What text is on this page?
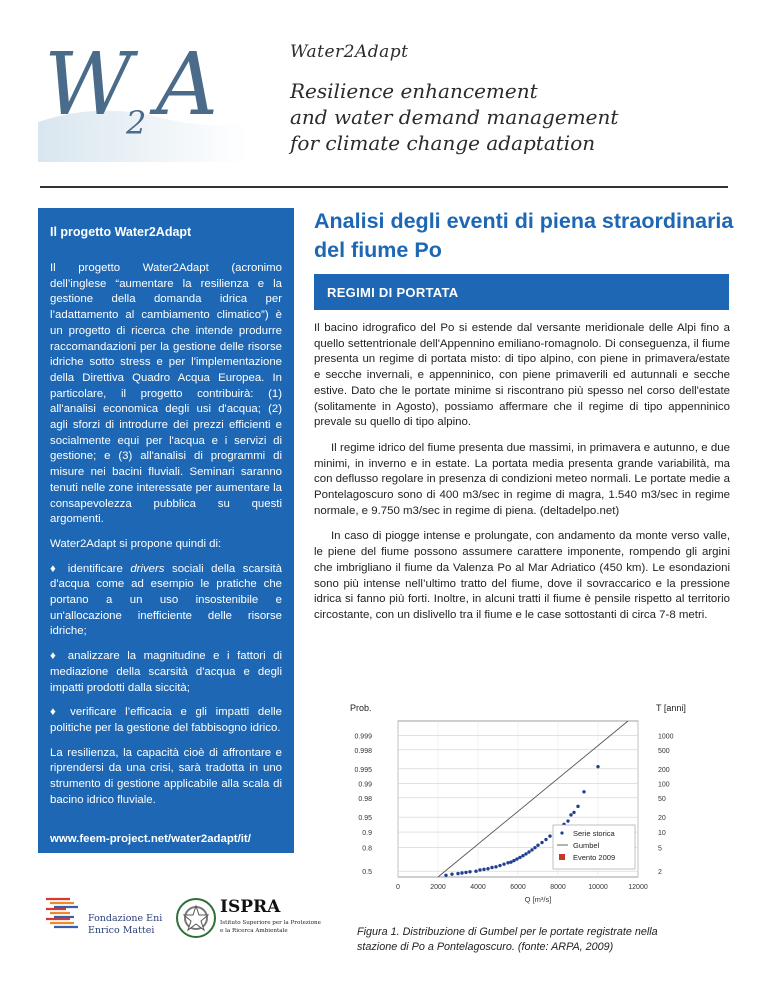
W
2 A	Water2Adapt
Resilience enhancement
and water demand management
for climate change adaptation
Il progetto Water2Adapt

Il progetto Water2Adapt (acronimo dell’inglese “aumentare la resilienza e la gestione della domanda idrica per l’adattamento al cambiamento climatico”) è un progetto di ricerca che intende produrre raccomandazioni per la gestione delle risorse idriche sotto stress e per l'implementazione della Direttiva Quadro Acqua Europea. In particolare, il progetto contribuirà: (1) all'analisi economica degli usi d'acqua; (2) agli sforzi di introdurre dei prezzi efficienti e socialmente equi per l'acqua e i servizi di gestione; e (3) all'analisi di programmi di misure nei bacini fluviali. Seminari saranno tenuti nelle zone interessate per aumentare la consapevolezza pubblica su questi argomenti.

Water2Adapt si propone quindi di:

♦ identificare drivers sociali della scarsità d'acqua come ad esempio le pratiche che portano a un uso insostenibile e un'allocazione inefficiente delle risorse idriche;

♦ analizzare la magnitudine e i fattori di mediazione della scarsità d'acqua e degli impatti prodotti dalla siccità;

♦ verificare l’efficacia e gli impatti delle politiche per la gestione del fabbisogno idrico.

La resilienza, la capacità cioè di affrontare e riprendersi da una crisi, sarà tradotta in uno strumento di gestione applicabile alla scala di bacino idrico fluviale.

www.feem-project.net/water2adapt/it/
Fondazione Eni
Enrico Mattei
ISPRA
Istituto Superiore per la Protezione
e la Ricerca Ambientale
Analisi degli eventi di piena straordinaria del fiume Po
REGIMI DI PORTATA

Il bacino idrografico del Po si estende dal versante meridionale delle Alpi fino a quello settentrionale dell'Appennino emiliano-romagnolo. Di conseguenza, il fiume presenta un regime di portata misto: di tipo alpino, con piene in primavera/estate e secche invernali, e appenninico, con piene primaverili ed autunnali e secche estive. Dato che le portate minime si riscontrano più spesso nel corso dell'estate (solitamente in Agosto), possiamo affermare che il regime di tipo appenninico prevale su quello di tipo alpino.

Il regime idrico del fiume presenta due massimi, in primavera e autunno, e due minimi, in inverno e in estate. La portata media presenta grande variabilità, ma con deflusso regolare in presenza di condizioni meteo normali. Le portate medie a Pontelagoscuro sono di 400 m3/sec in regime di magra, 1.540 m3/sec in regime normale, e 9.750 m3/sec in regime di piena. (deltadelpo.net)

In caso di piogge intense e prolungate, con andamento da monte verso valle, le piene del fiume possono assumere carattere imponente, rompendo gli argini che imbrigliano il fiume da Valenza Po al Mar Adriatico (450 km). Le esondazioni sono più intense nell’ultimo tratto del fiume, dove il sovraccarico e la pressione idrica si fanno più forti. Inoltre, in alcuni tratti il fiume è pensile rispetto al territorio circostante, con un dislivello tra il fiume e le case sottostanti di circa 7-8 metri.

Prob.	T [anni]
0.999	1000
0.998	500
0.995	200
0.99	100
0.98	50
0.95	20
0.9	10
0.8	5
0.5	2
0	2000	4000	6000	8000	10000	12000
Q [m³/s]
Serie storica
Gumbel
Evento 2009
Figura 1. Distribuzione di Gumbel per le portate registrate nella stazione di Po a Pontelagoscuro. (fonte: ARPA, 2009)
